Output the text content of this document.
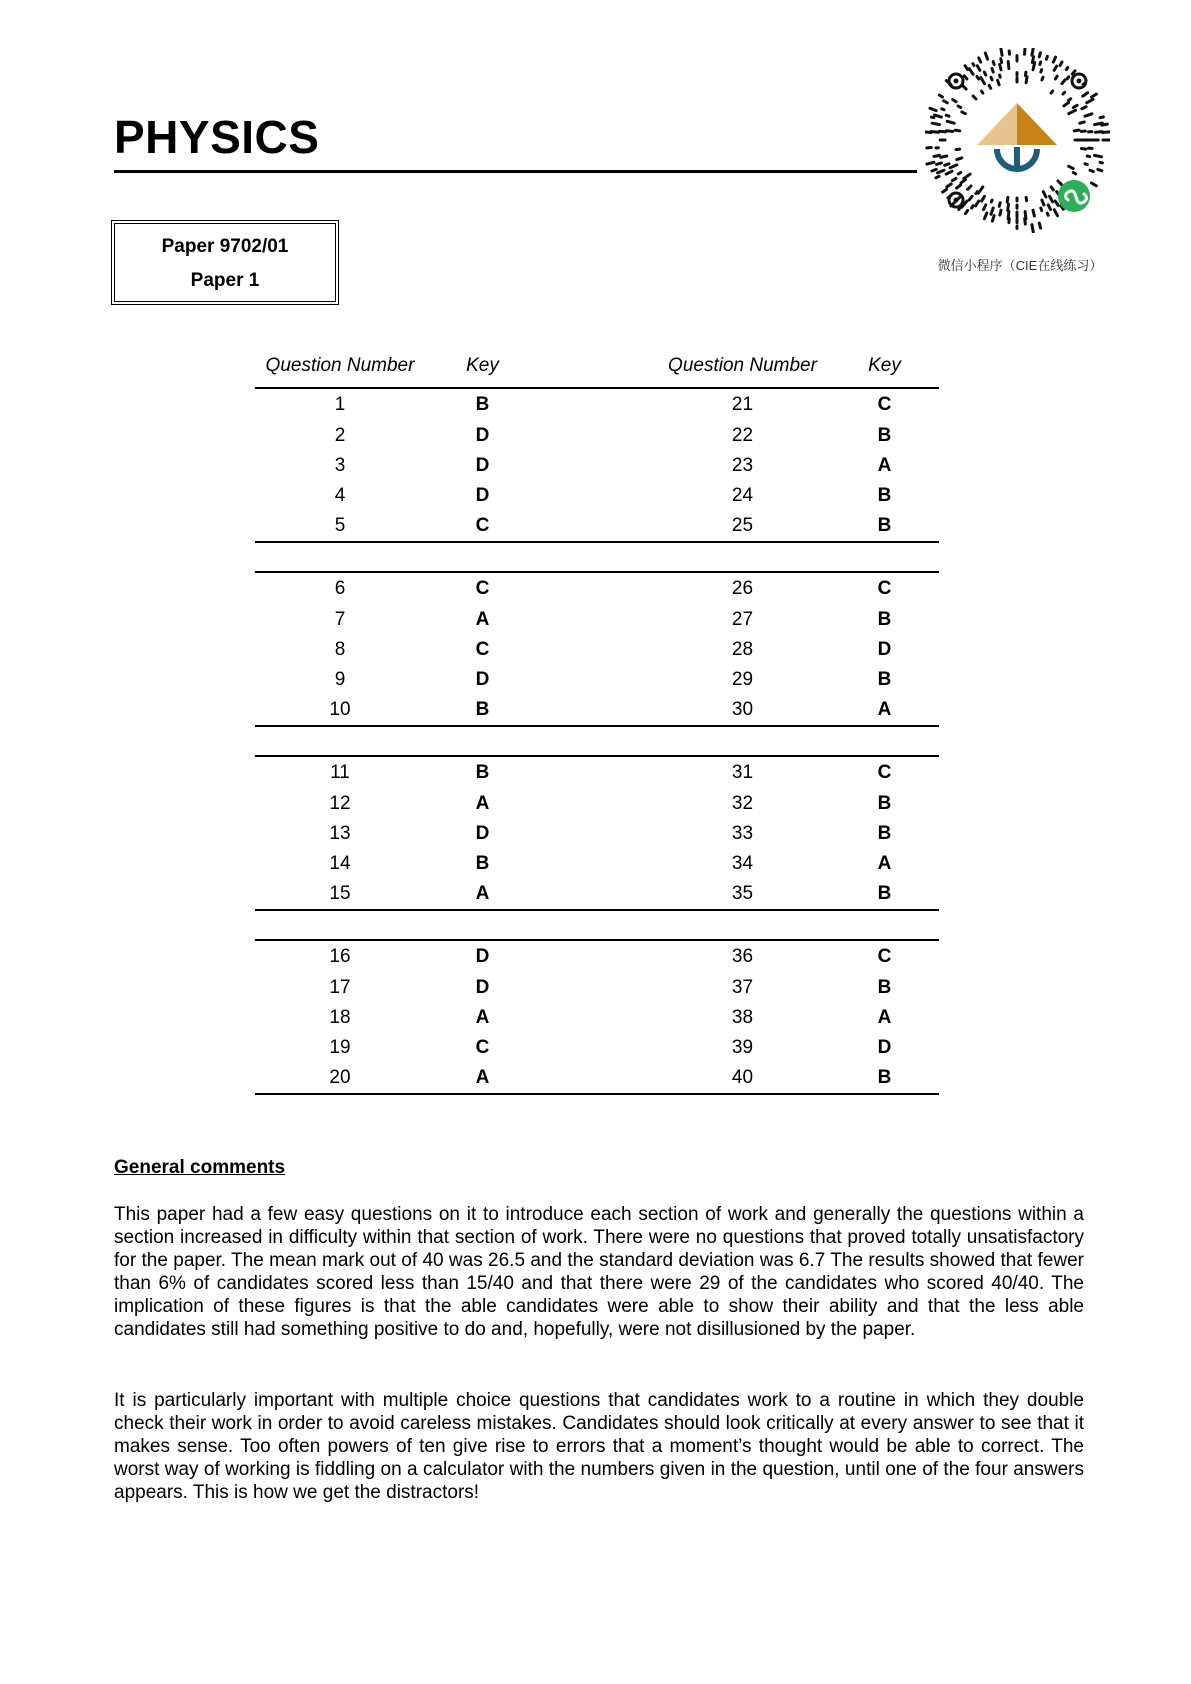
PHYSICS
Paper 9702/01
Paper 1
微信小程序（CIE在线练习）
Question Number	Key		Question Number	Key
1	B		21	C
2	D		22	B
3	D		23	A
4	D		24	B
5	C		25	B

6	C		26	C
7	A		27	B
8	C		28	D
9	D		29	B
10	B		30	A

11	B		31	C
12	A		32	B
13	D		33	B
14	B		34	A
15	A		35	B

16	D		36	C
17	D		37	B
18	A		38	A
19	C		39	D
20	A		40	B
General comments
This paper had a few easy questions on it to introduce each section of work and generally the questions within a section increased in difficulty within that section of work. There were no questions that proved totally unsatisfactory for the paper. The mean mark out of 40 was 26.5 and the standard deviation was 6.7 The results showed that fewer than 6% of candidates scored less than 15/40 and that there were 29 of the candidates who scored 40/40. The implication of these figures is that the able candidates were able to show their ability and that the less able candidates still had something positive to do and, hopefully, were not disillusioned by the paper.
It is particularly important with multiple choice questions that candidates work to a routine in which they double check their work in order to avoid careless mistakes. Candidates should look critically at every answer to see that it makes sense. Too often powers of ten give rise to errors that a moment’s thought would be able to correct. The worst way of working is fiddling on a calculator with the numbers given in the question, until one of the four answers appears. This is how we get the distractors!
